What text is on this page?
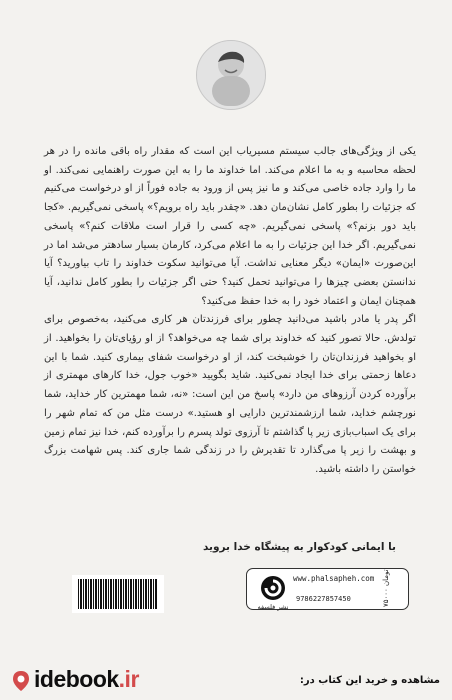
یکی از ویژگی‌های جالب سیستم مسیریاب این است که مقدار راه باقی مانده را در هر لحظه محاسبه و به ما اعلام می‌کند. اما خداوند ما را به این صورت راهنمایی نمی‌کند. او ما را وارد جاده خاصی می‌کند و ما نیز پس از ورود به جاده فوراً از او درخواست می‌کنیم که جزئیات را بطور کامل نشان‌مان دهد. «چقدر باید راه برویم؟» پاسخی نمی‌گیریم. «کجا باید دور بزنم؟» پاسخی نمی‌گیریم. «چه کسی را قرار است ملاقات کنم؟» پاسخی نمی‌گیریم. اگر خدا این جزئیات را به ما اعلام می‌کرد، کارمان بسیار سادهتر می‌شد اما در این‌صورت «ایمان» دیگر معنایی نداشت. آیا می‌توانید سکوت خداوند را تاب بیاورید؟ آیا ندانستن بعضی چیزها را می‌توانید تحمل کنید؟ حتی اگر جزئیات را بطور کامل ندانید، آیا همچنان ایمان و اعتماد خود را به خدا حفظ می‌کنید؟

اگر پدر یا مادر باشید می‌دانید چطور برای فرزندتان هر کاری می‌کنید، به‌خصوص برای تولدش. حالا تصور کنید که خداوند برای شما چه می‌خواهد؟ از او رؤیای‌تان را بخواهید. از او بخواهید فرزندان‌تان را خوشبخت کند، از او درخواست شفای بیماری کنید. شما با این دعاها زحمتی برای خدا ایجاد نمی‌کنید. شاید بگویید «خوب جول، خدا کارهای مهمتری از برآورده کردن آرزوهای من دارد» پاسخ من این است: «نه، شما مهمترین کار خداید، شما نورچشم خداید، شما ارزشمندترین دارایی او هستید.» درست مثل من که تمام شهر را برای یک اسباب‌بازی زیر پا گذاشتم تا آرزوی تولد پسرم را برآورده کنم، خدا نیز تمام زمین و بهشت را زیر پا می‌گذارد تا تقدیرش را در زندگی شما جاری کند. پس شهامت بزرگ خواستن را داشته باشید.

با ایمانی کودکوار به پیشگاه خدا بروید
www.phalsapheh.com
9786227857450	۷۵۰۰۰ تومان
نشر فلسفه
idebook.ir	مشاهده و خرید این کتاب در:
